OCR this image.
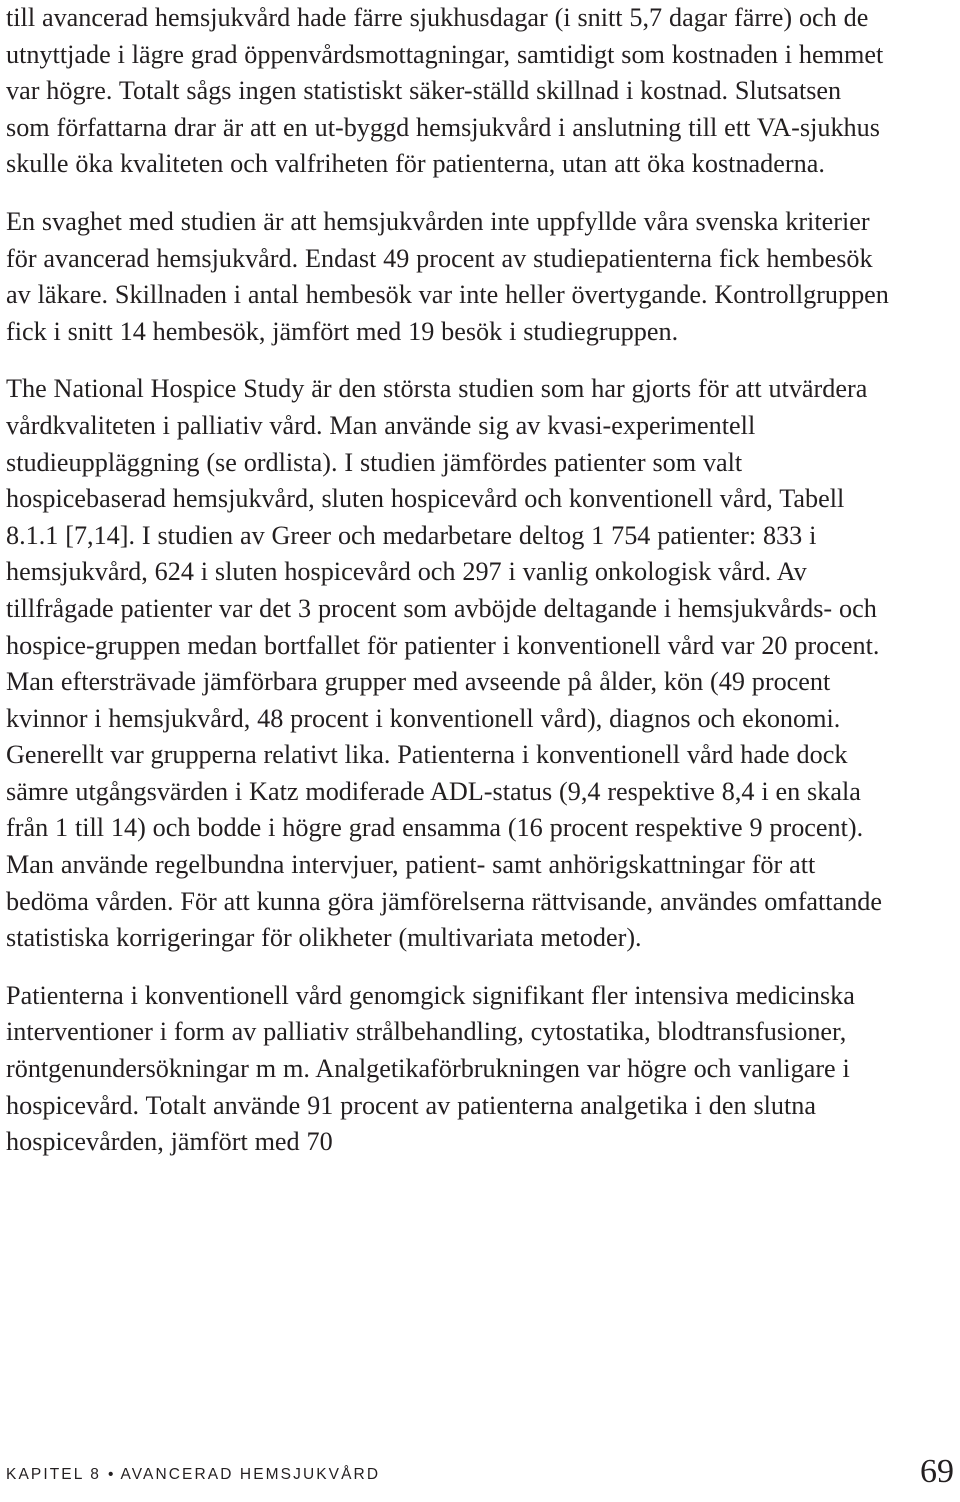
till avancerad hemsjukvård hade färre sjukhusdagar (i snitt 5,7 dagar färre) och de utnyttjade i lägre grad öppenvårdsmottagningar, samtidigt som kostnaden i hemmet var högre. Totalt sågs ingen statistiskt säker-ställd skillnad i kostnad. Slutsatsen som författarna drar är att en ut-byggd hemsjukvård i anslutning till ett VA-sjukhus skulle öka kvaliteten och valfriheten för patienterna, utan att öka kostnaderna.

En svaghet med studien är att hemsjukvården inte uppfyllde våra svenska kriterier för avancerad hemsjukvård. Endast 49 procent av studiepatienterna fick hembesök av läkare. Skillnaden i antal hembesök var inte heller övertygande. Kontrollgruppen fick i snitt 14 hembesök, jämfört med 19 besök i studiegruppen.

The National Hospice Study är den största studien som har gjorts för att utvärdera vårdkvaliteten i palliativ vård. Man använde sig av kvasi-experimentell studieuppläggning (se ordlista). I studien jämfördes patienter som valt hospicebaserad hemsjukvård, sluten hospicevård och konventionell vård, Tabell 8.1.1 [7,14]. I studien av Greer och medarbetare deltog 1 754 patienter: 833 i hemsjukvård, 624 i sluten hospicevård och 297 i vanlig onkologisk vård. Av tillfrågade patienter var det 3 procent som avböjde deltagande i hemsjukvårds- och hospice-gruppen medan bortfallet för patienter i konventionell vård var 20 procent. Man eftersträvade jämförbara grupper med avseende på ålder, kön (49 procent kvinnor i hemsjukvård, 48 procent i konventionell vård), diagnos och ekonomi. Generellt var grupperna relativt lika. Patienterna i konventionell vård hade dock sämre utgångsvärden i Katz modiferade ADL-status (9,4 respektive 8,4 i en skala från 1 till 14) och bodde i högre grad ensamma (16 procent respektive 9 procent). Man använde regelbundna intervjuer, patient- samt anhörigskattningar för att bedöma vården. För att kunna göra jämförelserna rättvisande, användes omfattande statistiska korrigeringar för olikheter (multivariata metoder).

Patienterna i konventionell vård genomgick signifikant fler intensiva medicinska interventioner i form av palliativ strålbehandling, cytostatika, blodtransfusioner, röntgenundersökningar m m. Analgetikaförbrukningen var högre och vanligare i hospicevård. Totalt använde 91 procent av patienterna analgetika i den slutna hospicevården, jämfört med 70

KAPITEL 8 • AVANCERAD HEMSJUKVÅRD	69
